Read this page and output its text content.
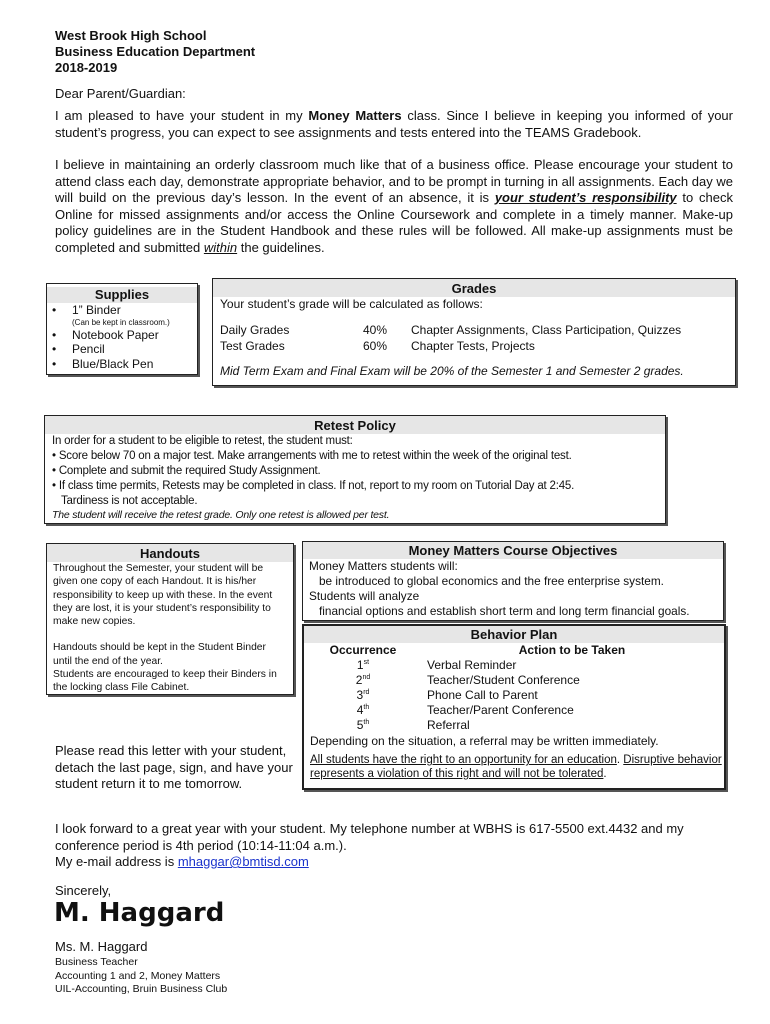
West Brook High School
Business Education Department
2018-2019
Dear Parent/Guardian:
I am pleased to have your student in my Money Matters class. Since I believe in keeping you informed of your student’s progress, you can expect to see assignments and tests entered into the TEAMS Gradebook.
I believe in maintaining an orderly classroom much like that of a business office. Please encourage your student to attend class each day, demonstrate appropriate behavior, and to be prompt in turning in all assignments. Each day we will build on the previous day’s lesson. In the event of an absence, it is your student’s responsibility to check Online for missed assignments and/or access the Online Coursework and complete in a timely manner. Make-up policy guidelines are in the Student Handbook and these rules will be followed. All make-up assignments must be completed and submitted within the guidelines.
Supplies
• 1” Binder
(Can be kept in classroom.)
• Notebook Paper
• Pencil
• Blue/Black Pen
Grades
Your student’s grade will be calculated as follows:
Daily Grades	40%	Chapter Assignments, Class Participation, Quizzes
Test Grades	60%	Chapter Tests, Projects
Mid Term Exam and Final Exam will be 20% of the Semester 1 and Semester 2 grades.
Retest Policy
In order for a student to be eligible to retest, the student must:
• Score below 70 on a major test. Make arrangements with me to retest within the week of the original test.
• Complete and submit the required Study Assignment.
• If class time permits, Retests may be completed in class. If not, report to my room on Tutorial Day at 2:45.
Tardiness is not acceptable.
The student will receive the retest grade. Only one retest is allowed per test.
Handouts
Throughout the Semester, your student will be given one copy of each Handout. It is his/her responsibility to keep up with these. In the event they are lost, it is your student’s responsibility to make new copies.
Handouts should be kept in the Student Binder until the end of the year.
Students are encouraged to keep their Binders in the locking class File Cabinet.
Money Matters Course Objectives
Money Matters students will:
be introduced to global economics and the free enterprise system.
Students will analyze
financial options and establish short term and long term financial goals.
Behavior Plan
Occurrence	Action to be Taken
1st	Verbal Reminder
2nd	Teacher/Student Conference
3rd	Phone Call to Parent
4th	Teacher/Parent Conference
5th	Referral
Depending on the situation, a referral may be written immediately.
All students have the right to an opportunity for an education. Disruptive behavior represents a violation of this right and will not be tolerated.
Please read this letter with your student, detach the last page, sign, and have your student return it to me tomorrow.
I look forward to a great year with your student. My telephone number at WBHS is 617-5500 ext.4432 and my conference period is 4th period (10:14-11:04 a.m.).
My e-mail address is mhaggar@bmtisd.com
Sincerely,
M. Haggard
Ms. M. Haggard
Business Teacher
Accounting 1 and 2, Money Matters
UIL-Accounting, Bruin Business Club
